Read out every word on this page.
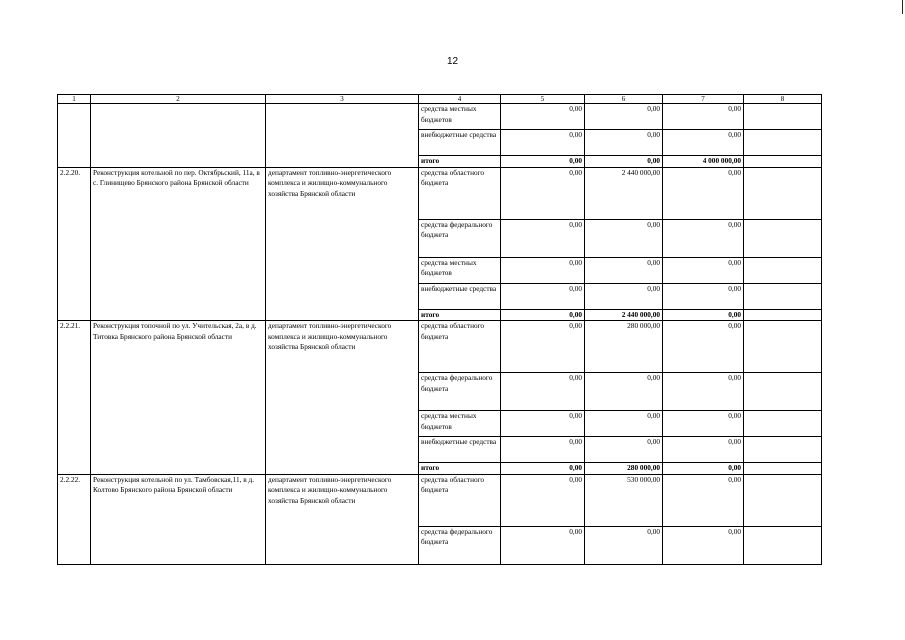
12
1	2	3	4	5	6	7	8
			средства местных бюджетов	0,00	0,00	0,00	
			внебюджетные средства	0,00	0,00	0,00	
			итого	0,00	0,00	4 000 000,00	
2.2.20.	Реконструкция котельной по пер. Октябрьский, 11а, в с. Глинищево Брянского района Брянской области	департамент топливно-энергетического комплекса и жилищно-коммунального хозяйства Брянской области	средства областного бюджета	0,00	2 440 000,00	0,00	
			средства федерального бюджета	0,00	0,00	0,00	
			средства местных бюджетов	0,00	0,00	0,00	
			внебюджетные средства	0,00	0,00	0,00	
			итого	0,00	2 440 000,00	0,00	
2.2.21.	Реконструкция топочной по ул. Учительская, 2а, в д. Титовка Брянского района Брянской области	департамент топливно-энергетического комплекса и жилищно-коммунального хозяйства Брянской области	средства областного бюджета	0,00	280 000,00	0,00	
			средства федерального бюджета	0,00	0,00	0,00	
			средства местных бюджетов	0,00	0,00	0,00	
			внебюджетные средства	0,00	0,00	0,00	
			итого	0,00	280 000,00	0,00	
2.2.22.	Реконструкция котельной по ул. Тамбовская,11, в д. Колтово Брянского района Брянской области	департамент топливно-энергетического комплекса и жилищно-коммунального хозяйства Брянской области	средства областного бюджета	0,00	530 000,00	0,00	
			средства федерального бюджета	0,00	0,00	0,00	
